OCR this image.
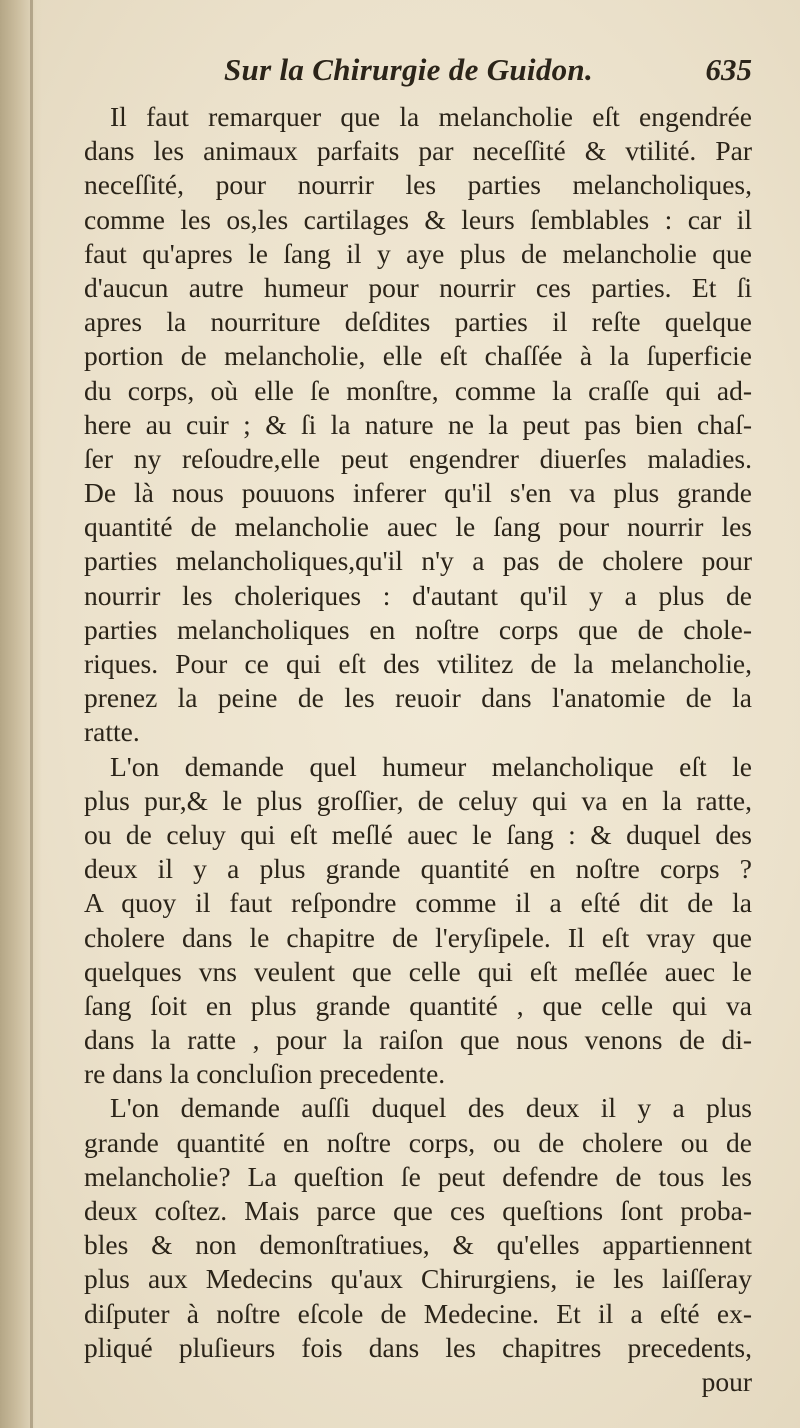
Sur la Chirurgie de Guidon.	635
Il faut remarquer que la melancholie eſt engendrée
dans les animaux parfaits par neceſſité & vtilité. Par
neceſſité, pour nourrir les parties melancholiques,
comme les os,les cartilages & leurs ſemblables : car il
faut qu'apres le ſang il y aye plus de melancholie que
d'aucun autre humeur pour nourrir ces parties. Et ſi
apres la nourriture deſdites parties il reſte quelque
portion de melancholie, elle eſt chaſſée à la ſuperficie
du corps, où elle ſe monſtre, comme la craſſe qui ad-
here au cuir ; & ſi la nature ne la peut pas bien chaſ-
ſer ny reſoudre,elle peut engendrer diuerſes maladies.
De là nous pouuons inferer qu'il s'en va plus grande
quantité de melancholie auec le ſang pour nourrir les
parties melancholiques,qu'il n'y a pas de cholere pour
nourrir les choleriques : d'autant qu'il y a plus de
parties melancholiques en noſtre corps que de chole-
riques. Pour ce qui eſt des vtilitez de la melancholie,
prenez la peine de les reuoir dans l'anatomie de la
ratte.
L'on demande quel humeur melancholique eſt le
plus pur,& le plus groſſier, de celuy qui va en la ratte,
ou de celuy qui eſt meſlé auec le ſang : & duquel des
deux il y a plus grande quantité en noſtre corps ?
A quoy il faut reſpondre comme il a eſté dit de la
cholere dans le chapitre de l'eryſipele. Il eſt vray que
quelques vns veulent que celle qui eſt meſlée auec le
ſang ſoit en plus grande quantité , que celle qui va
dans la ratte , pour la raiſon que nous venons de di-
re dans la concluſion precedente.
L'on demande auſſi duquel des deux il y a plus
grande quantité en noſtre corps, ou de cholere ou de
melancholie? La queſtion ſe peut defendre de tous les
deux coſtez. Mais parce que ces queſtions ſont proba-
bles & non demonſtratiues, & qu'elles appartiennent
plus aux Medecins qu'aux Chirurgiens, ie les laiſſeray
diſputer à noſtre eſcole de Medecine. Et il a eſté ex-
pliqué pluſieurs fois dans les chapitres precedents,
pour
